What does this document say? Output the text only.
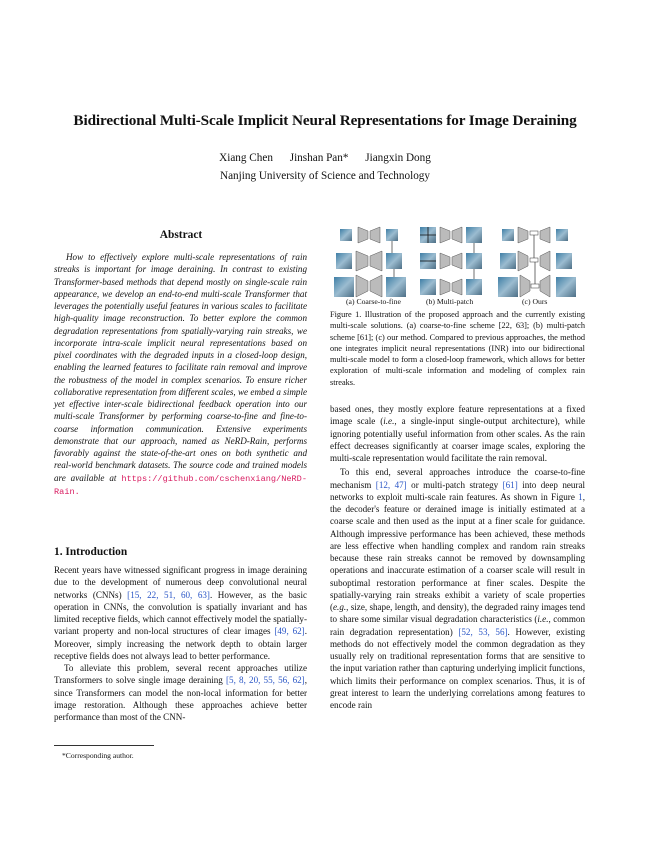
Bidirectional Multi-Scale Implicit Neural Representations for Image Deraining
Xiang Chen Jinshan Pan* Jiangxin Dong
Nanjing University of Science and Technology
Abstract
How to effectively explore multi-scale representations of rain streaks is important for image deraining. In contrast to existing Transformer-based methods that depend mostly on single-scale rain appearance, we develop an end-to-end multi-scale Transformer that leverages the potentially useful features in various scales to facilitate high-quality image reconstruction. To better explore the common degradation representations from spatially-varying rain streaks, we incorporate intra-scale implicit neural representations based on pixel coordinates with the degraded inputs in a closed-loop design, enabling the learned features to facilitate rain removal and improve the robustness of the model in complex scenarios. To ensure richer collaborative representation from different scales, we embed a simple yet effective inter-scale bidirectional feedback operation into our multi-scale Transformer by performing coarse-to-fine and fine-to-coarse information communication. Extensive experiments demonstrate that our approach, named as NeRD-Rain, performs favorably against the state-of-the-art ones on both synthetic and real-world benchmark datasets. The source code and trained models are available at https://github.com/cschenxiang/NeRD-Rain.
1. Introduction

Recent years have witnessed significant progress in image deraining due to the development of numerous deep convolutional neural networks (CNNs) [15, 22, 51, 60, 63]. However, as the basic operation in CNNs, the convolution is spatially invariant and has limited receptive fields, which cannot effectively model the spatially-variant property and non-local structures of clear images [49, 62]. Moreover, simply increasing the network depth to obtain larger receptive fields does not always lead to better performance.

To alleviate this problem, several recent approaches utilize Transformers to solve single image deraining [5, 8, 20, 55, 56, 62], since Transformers can model the non-local information for better image restoration. Although these approaches achieve better performance than most of the CNN-

*Corresponding author.
(a) Coarse-to-fine	(b) Multi-patch	(c) Ours
Figure 1. Illustration of the proposed approach and the currently existing multi-scale solutions. (a) coarse-to-fine scheme [22, 63]; (b) multi-patch scheme [61]; (c) our method. Compared to previous approaches, the method one integrates implicit neural representations (INR) into our bidirectional multi-scale model to form a closed-loop framework, which allows for better exploration of multi-scale information and modeling of complex rain streaks.

based ones, they mostly explore feature representations at a fixed image scale (i.e., a single-input single-output architecture), while ignoring potentially useful information from other scales. As the rain effect decreases significantly at coarser image scales, exploring the multi-scale representation would facilitate the rain removal.

To this end, several approaches introduce the coarse-to-fine mechanism [12, 47] or multi-patch strategy [61] into deep neural networks to exploit multi-scale rain features. As shown in Figure 1, the decoder's feature or derained image is initially estimated at a coarse scale and then used as the input at a finer scale for guidance. Although impressive performance has been achieved, these methods are less effective when handling complex and random rain streaks because these rain streaks cannot be removed by downsampling operations and inaccurate estimation of a coarser scale will result in suboptimal restoration performance at finer scales. Despite the spatially-varying rain streaks exhibit a variety of scale properties (e.g., size, shape, length, and density), the degraded rainy images tend to share some similar visual degradation characteristics (i.e., common rain degradation representation) [52, 53, 56]. However, existing methods do not effectively model the common degradation as they usually rely on traditional representation forms that are sensitive to the input variation rather than capturing underlying implicit functions, which limits their performance on complex scenarios. Thus, it is of great interest to learn the underlying correlations among features to encode rain
